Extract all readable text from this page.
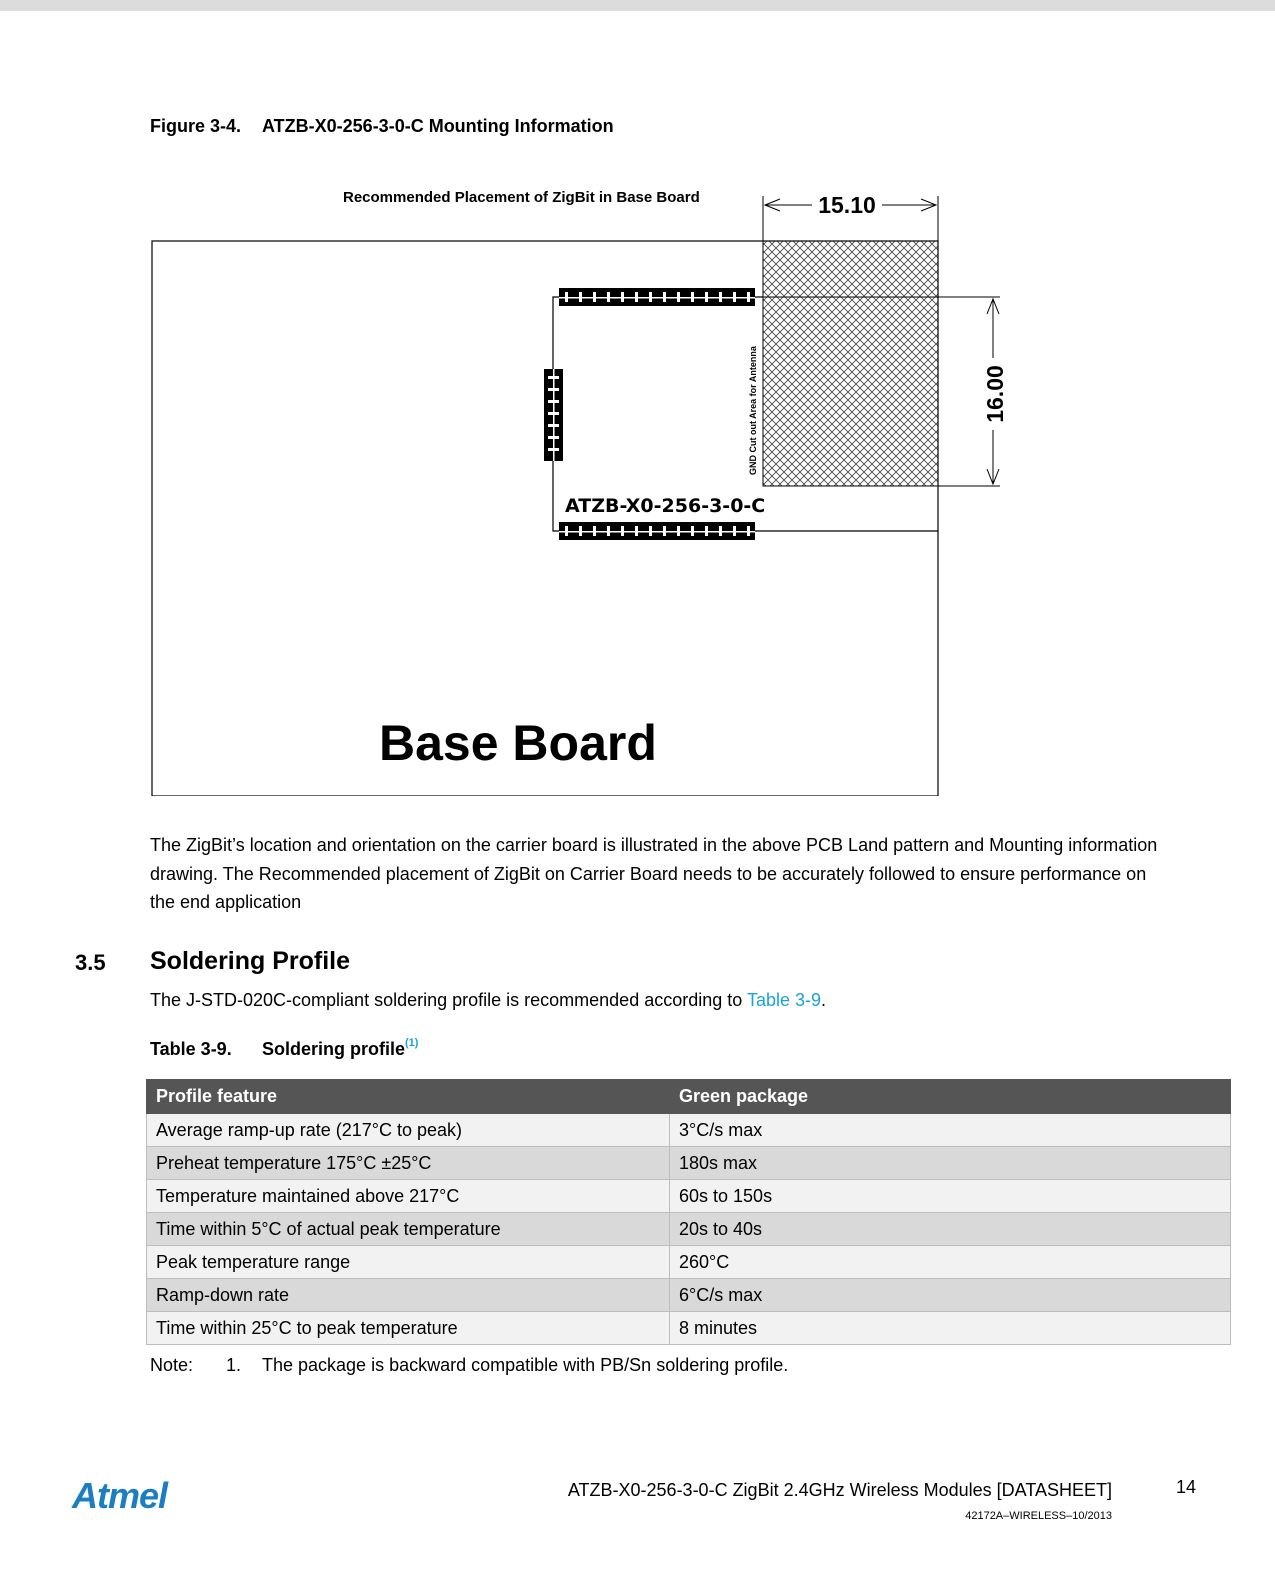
Figure 3-4. ATZB-X0-256-3-0-C Mounting Information
Recommended Placement of ZigBit in Base Board
GND Cut out Area for Antenna
ATZB-X0-256-3-0-C
Base Board
15.10
16.00
The ZigBit’s location and orientation on the carrier board is illustrated in the above PCB Land pattern and Mounting information drawing. The Recommended placement of ZigBit on Carrier Board needs to be accurately followed to ensure performance on the end application
3.5 Soldering Profile
The J-STD-020C-compliant soldering profile is recommended according to Table 3-9.
Table 3-9. Soldering profile$^{(1)}$
Profile feature	Green package
Average ramp-up rate (217°C to peak)	3°C/s max
Preheat temperature 175°C ±25°C	180s max
Temperature maintained above 217°C	60s to 150s
Time within 5°C of actual peak temperature	20s to 40s
Peak temperature range	260°C
Ramp-down rate	6°C/s max
Time within 25°C to peak temperature	8 minutes
Note: 1. The package is backward compatible with PB/Sn soldering profile.
Atmel	ATZB-X0-256-3-0-C ZigBit 2.4GHz Wireless Modules [DATASHEET]
42172A–WIRELESS–10/2013
14
